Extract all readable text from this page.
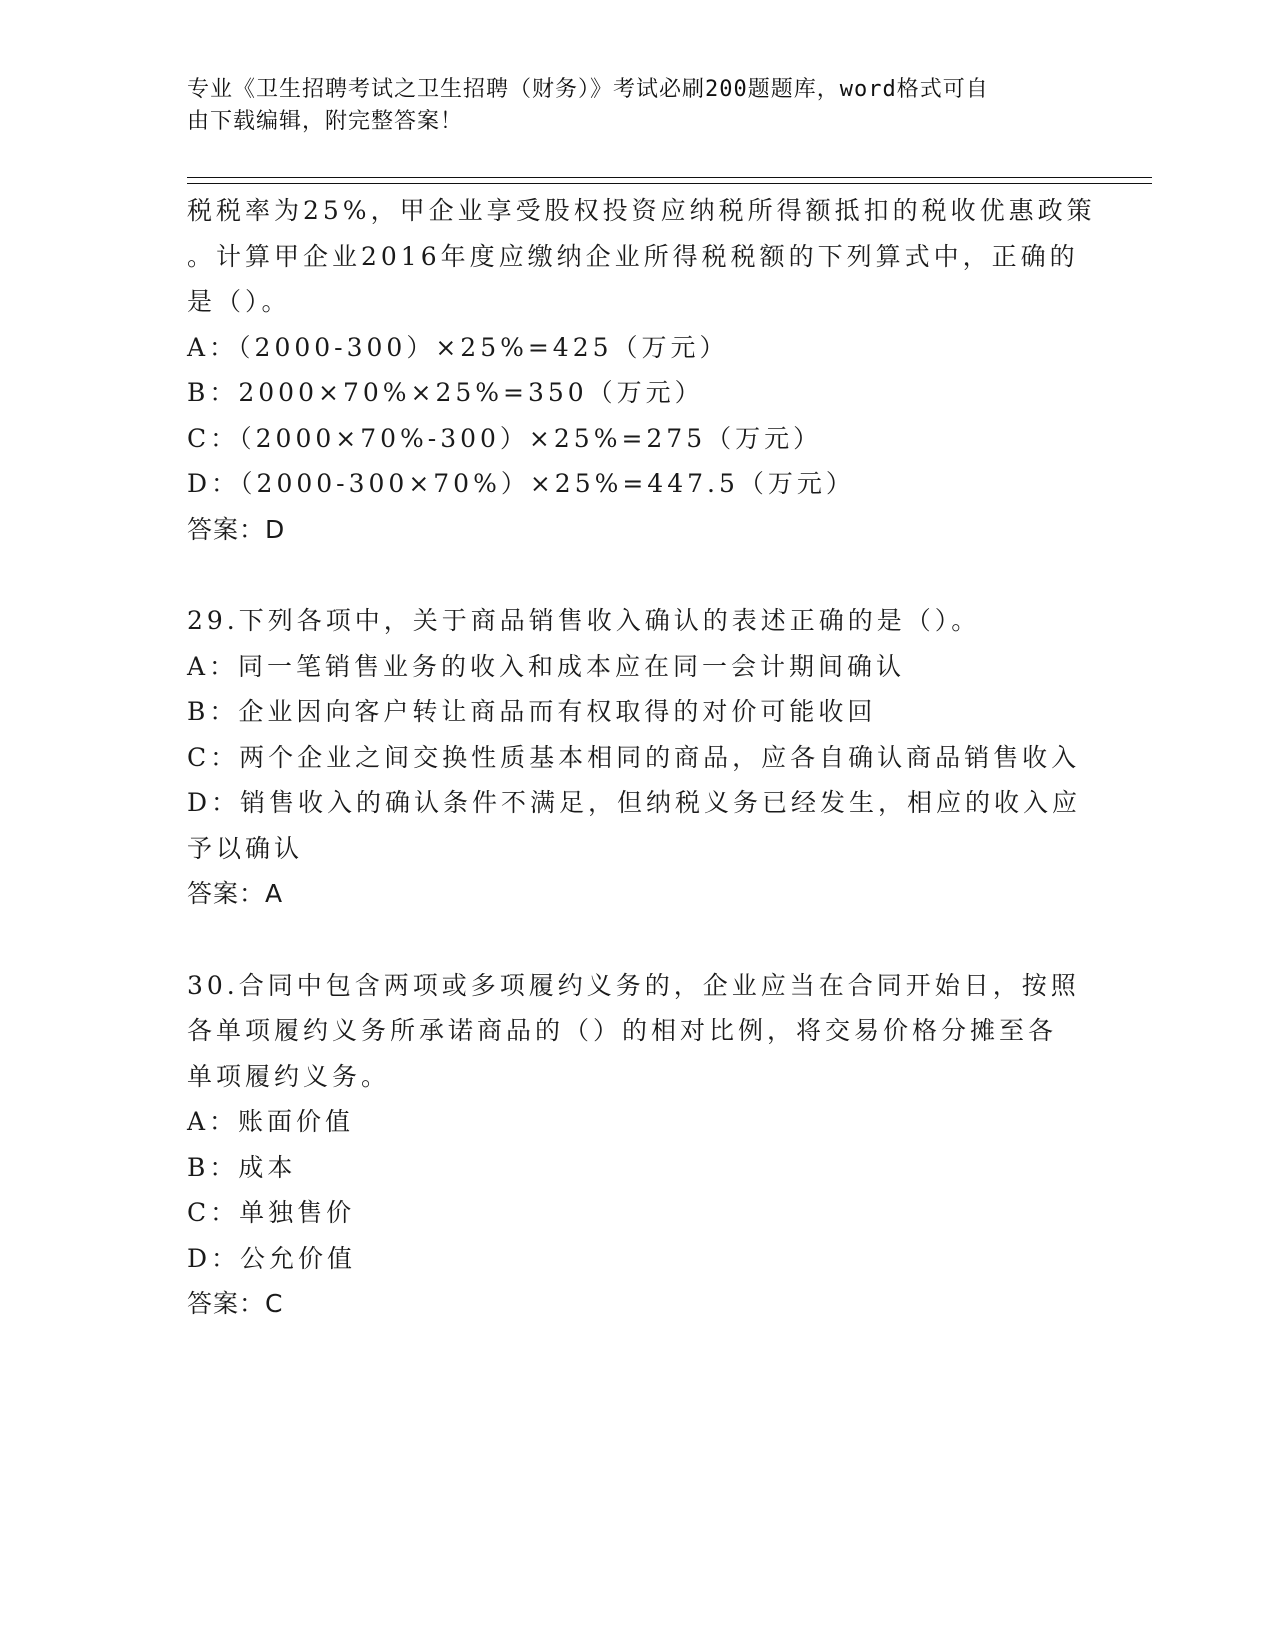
专业《卫生招聘考试之卫生招聘（财务）》考试必刷200题题库，word格式可自
由下载编辑，附完整答案！
税税率为25%，甲企业享受股权投资应纳税所得额抵扣的税收优惠政策
。计算甲企业2016年度应缴纳企业所得税税额的下列算式中，正确的
是（）。
A：（2000-300）×25%=425（万元）
B：2000×70%×25%=350（万元）
C：（2000×70%-300）×25%=275（万元）
D：（2000-300×70%）×25%=447.5（万元）
答案：D
29.下列各项中，关于商品销售收入确认的表述正确的是（）。
A：同一笔销售业务的收入和成本应在同一会计期间确认
B：企业因向客户转让商品而有权取得的对价可能收回
C：两个企业之间交换性质基本相同的商品，应各自确认商品销售收入
D：销售收入的确认条件不满足，但纳税义务已经发生，相应的收入应
予以确认
答案：A
30.合同中包含两项或多项履约义务的，企业应当在合同开始日，按照
各单项履约义务所承诺商品的（）的相对比例，将交易价格分摊至各
单项履约义务。
A：账面价值
B：成本
C：单独售价
D：公允价值
答案：C
